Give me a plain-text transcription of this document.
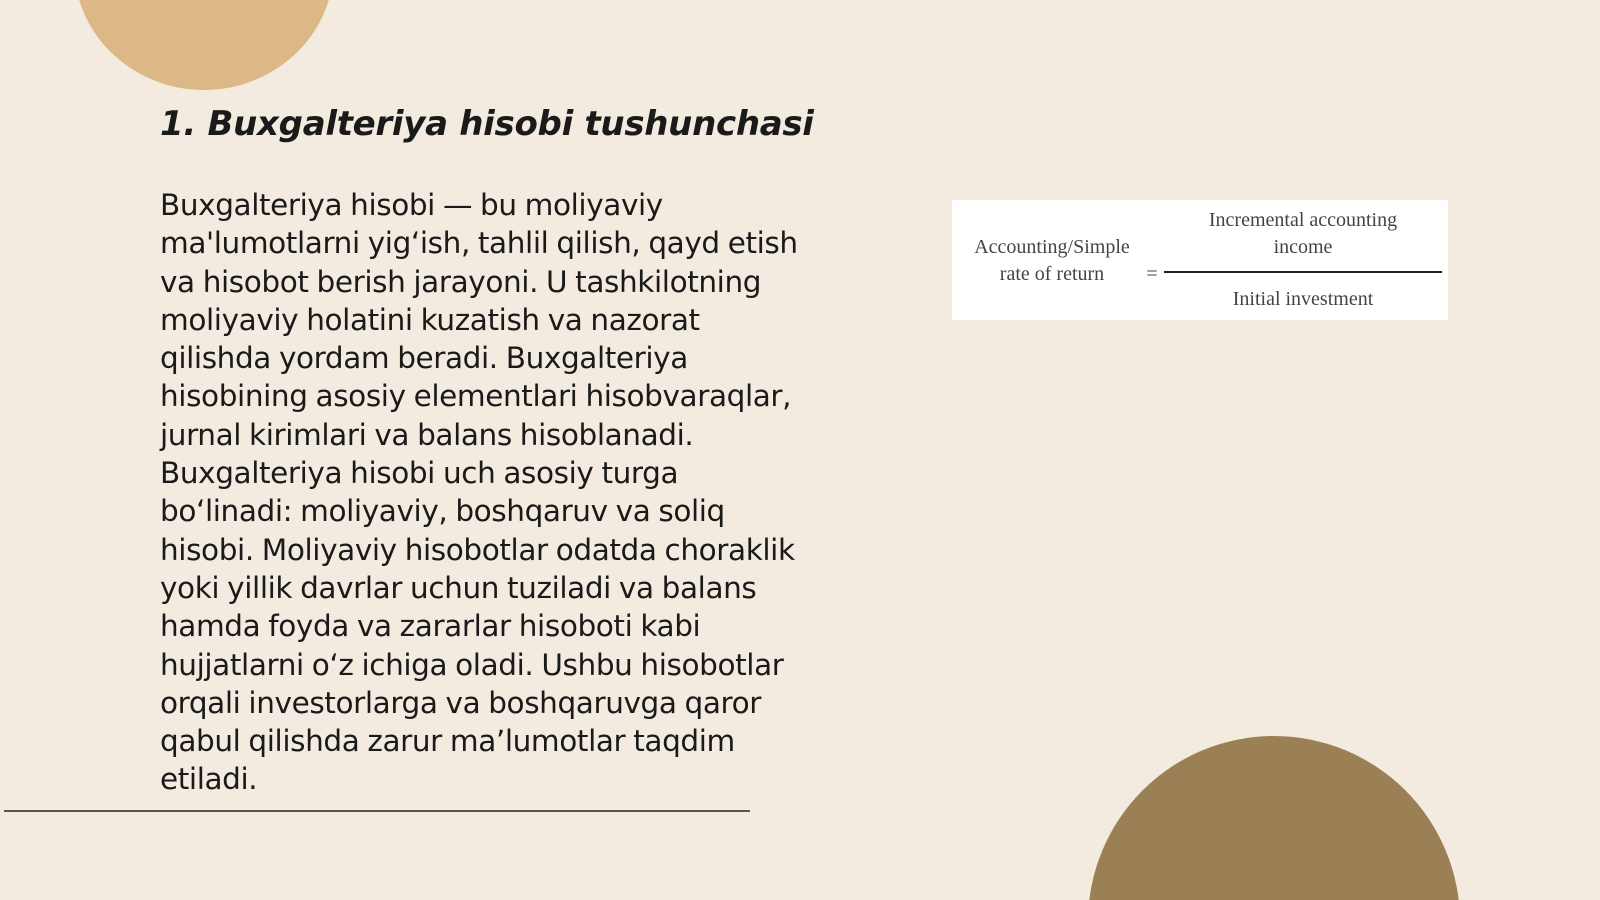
1. Buxgalteriya hisobi tushunchasi
Buxgalteriya hisobi — bu moliyaviy
ma'lumotlarni yig‘ish, tahlil qilish, qayd etish
va hisobot berish jarayoni. U tashkilotning
moliyaviy holatini kuzatish va nazorat
qilishda yordam beradi. Buxgalteriya
hisobining asosiy elementlari hisobvaraqlar,
jurnal kirimlari va balans hisoblanadi.
Buxgalteriya hisobi uch asosiy turga
bo‘linadi: moliyaviy, boshqaruv va soliq
hisobi. Moliyaviy hisobotlar odatda choraklik
yoki yillik davrlar uchun tuziladi va balans
hamda foyda va zararlar hisoboti kabi
hujjatlarni o‘z ichiga oladi. Ushbu hisobotlar
orqali investorlarga va boshqaruvga qaror
qabul qilishda zarur ma’lumotlar taqdim
etiladi.
Accounting/Simple
rate of return	=
Incremental accounting
income
Initial investment
